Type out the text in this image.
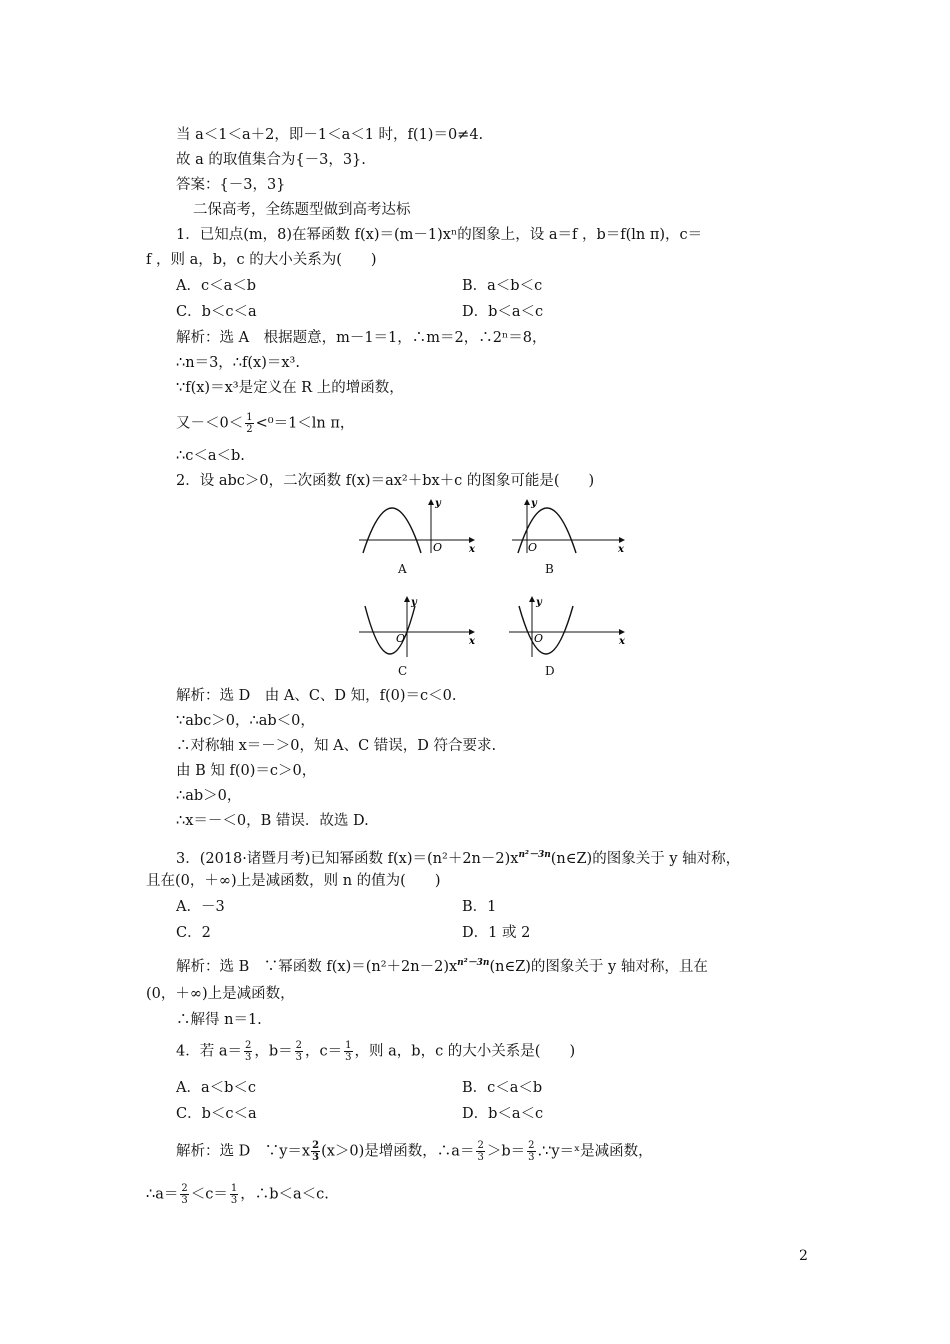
当 a＜1＜a＋2，即－1＜a＜1 时，f(1)＝0≠4.
故 a 的取值集合为{－3，3}.
答案：{－3，3}
二保高考，全练题型做到高考达标
1．已知点(m，8)在幂函数 f(x)＝(m－1)xⁿ的图象上，设 a＝f ，b＝f(ln π)，c＝
f ，则 a，b，c 的大小关系为(　　)
A．c＜a＜b	B．a＜b＜c
C．b＜c＜a	D．b＜a＜c
解析：选 A　根据题意，m－1＝1，∴m＝2，∴2ⁿ＝8，
∴n＝3，∴f(x)＝x³.
∵f(x)＝x³是定义在 R 上的增函数，
又$-<0< \frac{1}{2} <^0=1<\ln$ π，
∴c＜a＜b.
2．设 abc＞0，二次函数 f(x)＝ax²＋bx＋c 的图象可能是(　　)
y
x
O
A
y
x
O
B
y
x
O
C
y
x
O
D
解析：选 D　由 A、C、D 知，f(0)＝c＜0.
∵abc＞0，∴ab＜0，
∴对称轴 x＝－＞0，知 A、C 错误，D 符合要求.
由 B 知 f(0)＝c＞0，
∴ab＞0，
∴x＝－＜0，B 错误．故选 D.
3．(2018·诸暨月考)已知幂函数 $f(x)=(n^2+2n-2)x^{n^2-3n}(n\in Z)$的图象关于 y 轴对称，
且在(0，＋∞)上是减函数，则 n 的值为(　　)
A．－3	B．1
C．2	D．1 或 2
解析：选 B　∵幂函数 $f(x)=(n^2+2n-2)x^{n^2-3n}(n\in Z)$的图象关于 y 轴对称，且在
(0，＋∞)上是减函数，
∴解得 n＝1.
4．若 $a= \frac{2}{3}$ ，$b= \frac{2}{3}$ ，$c= \frac{1}{3}$ ，则 a，b，c 的大小关系是(　　)
A．a＜b＜c	B．c＜a＜b
C．b＜c＜a	D．b＜a＜c
解析：选 D　∵y＝x $\frac{2}{3} (x>0)$是增函数，∴a＝ $\frac{2}{3} >b= \frac{2}{3}$ .∵y＝ˣ是减函数，
∴a＝ $\frac{2}{3} <c= \frac{1}{3}$ ，∴b＜a＜c.
2
